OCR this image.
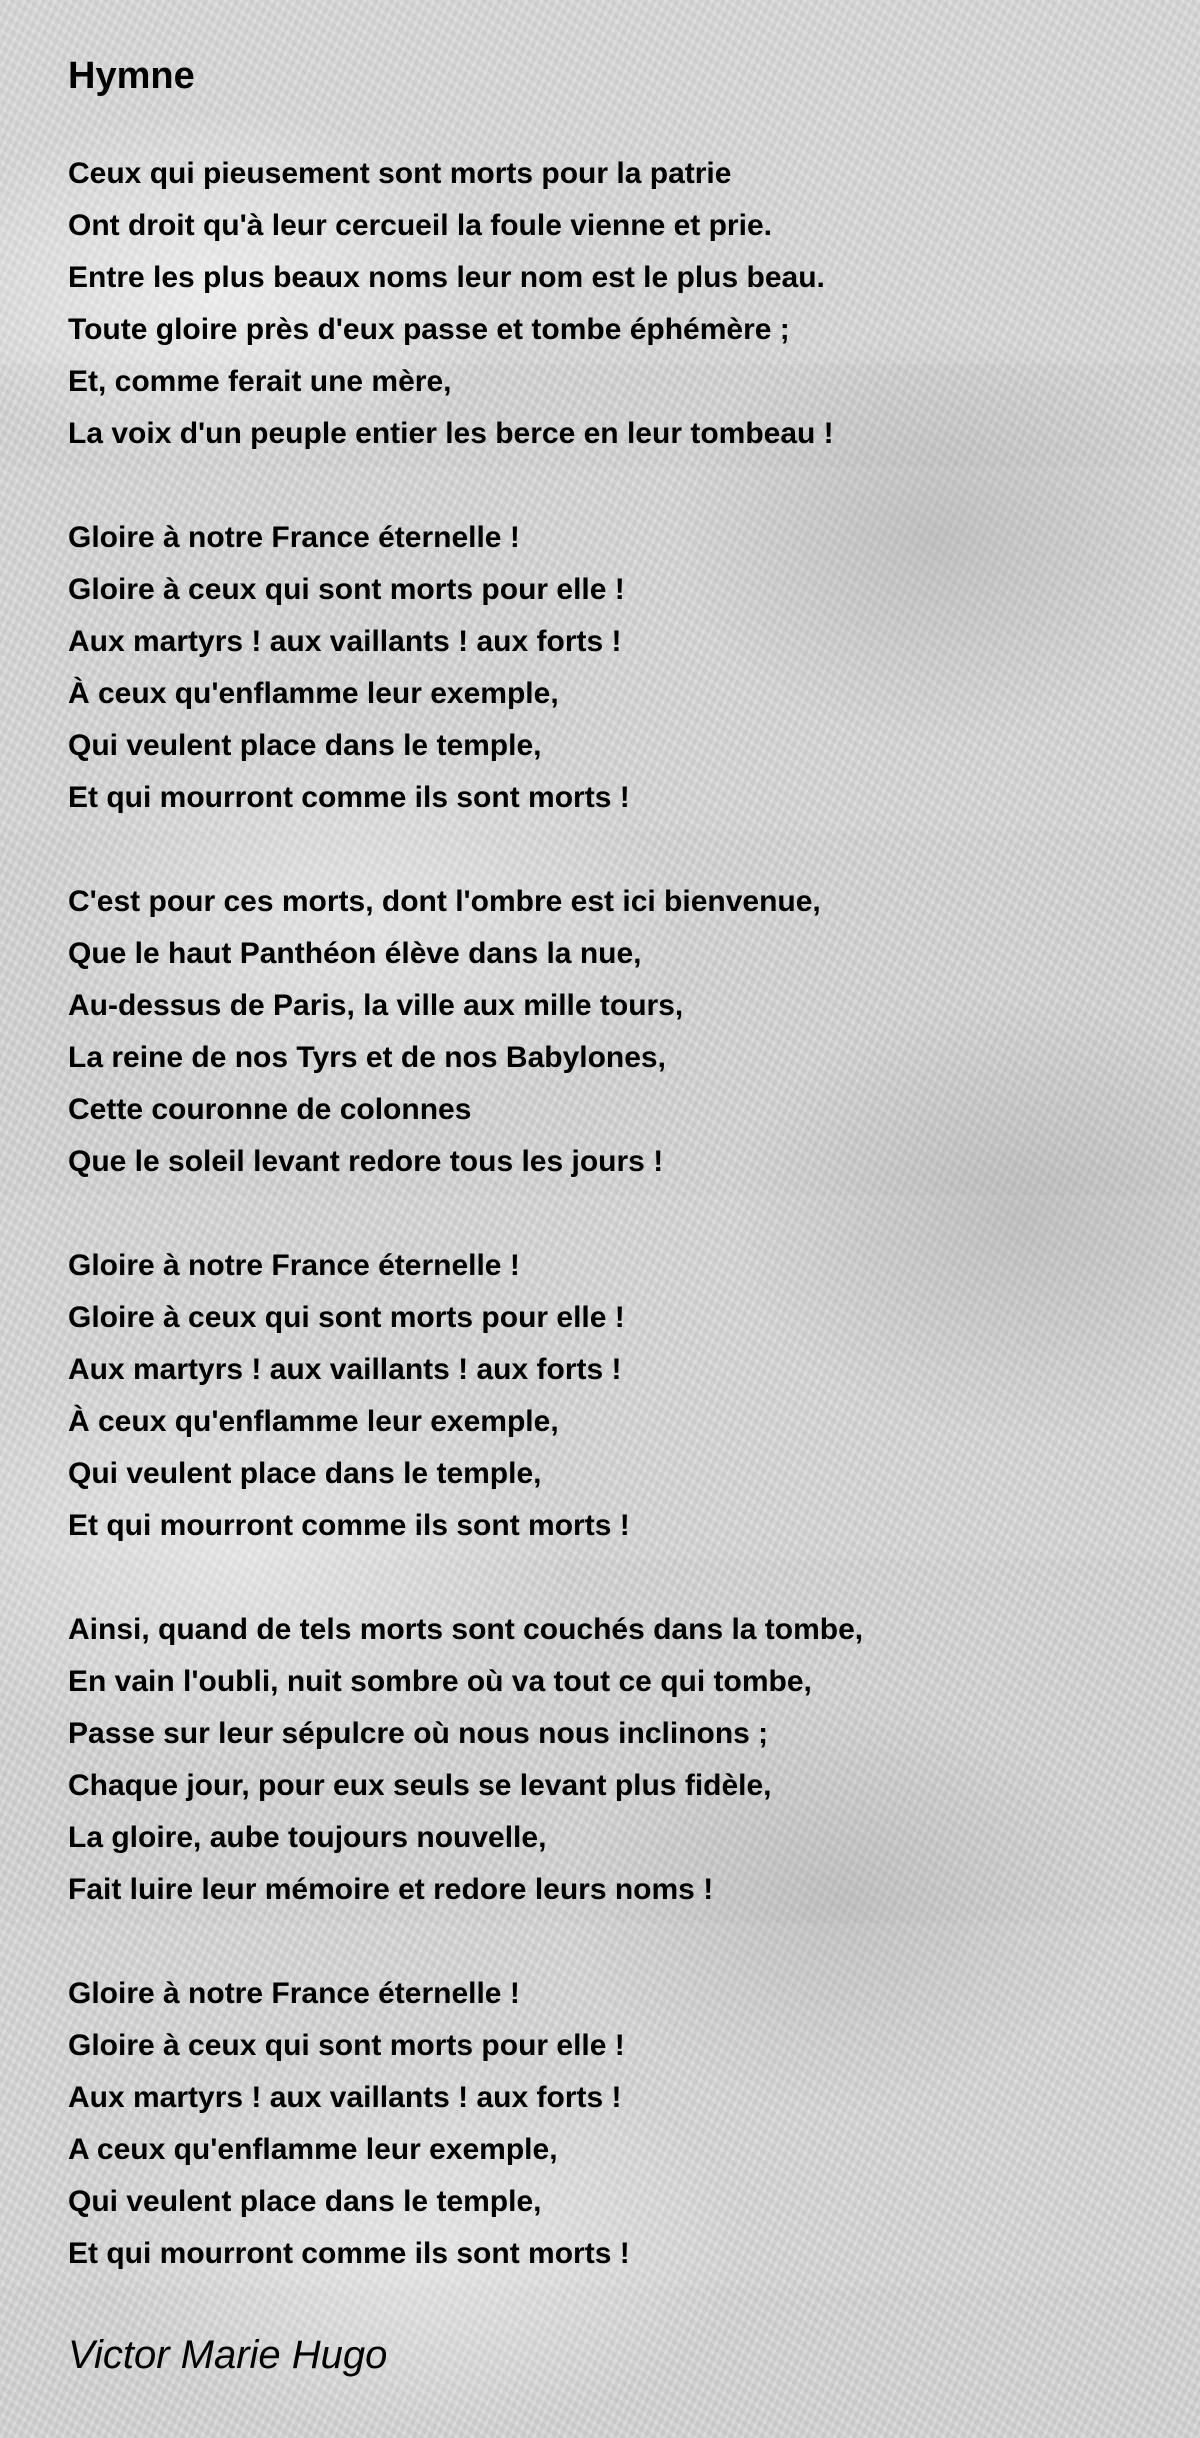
Hymne
Ceux qui pieusement sont morts pour la patrie
Ont droit qu'à leur cercueil la foule vienne et prie.
Entre les plus beaux noms leur nom est le plus beau.
Toute gloire près d'eux passe et tombe éphémère ;
Et, comme ferait une mère,
La voix d'un peuple entier les berce en leur tombeau !
Gloire à notre France éternelle !
Gloire à ceux qui sont morts pour elle !
Aux martyrs ! aux vaillants ! aux forts !
À ceux qu'enflamme leur exemple,
Qui veulent place dans le temple,
Et qui mourront comme ils sont morts !
C'est pour ces morts, dont l'ombre est ici bienvenue,
Que le haut Panthéon élève dans la nue,
Au-dessus de Paris, la ville aux mille tours,
La reine de nos Tyrs et de nos Babylones,
Cette couronne de colonnes
Que le soleil levant redore tous les jours !
Gloire à notre France éternelle !
Gloire à ceux qui sont morts pour elle !
Aux martyrs ! aux vaillants ! aux forts !
À ceux qu'enflamme leur exemple,
Qui veulent place dans le temple,
Et qui mourront comme ils sont morts !
Ainsi, quand de tels morts sont couchés dans la tombe,
En vain l'oubli, nuit sombre où va tout ce qui tombe,
Passe sur leur sépulcre où nous nous inclinons ;
Chaque jour, pour eux seuls se levant plus fidèle,
La gloire, aube toujours nouvelle,
Fait luire leur mémoire et redore leurs noms !
Gloire à notre France éternelle !
Gloire à ceux qui sont morts pour elle !
Aux martyrs ! aux vaillants ! aux forts !
A ceux qu'enflamme leur exemple,
Qui veulent place dans le temple,
Et qui mourront comme ils sont morts !

Victor Marie Hugo
